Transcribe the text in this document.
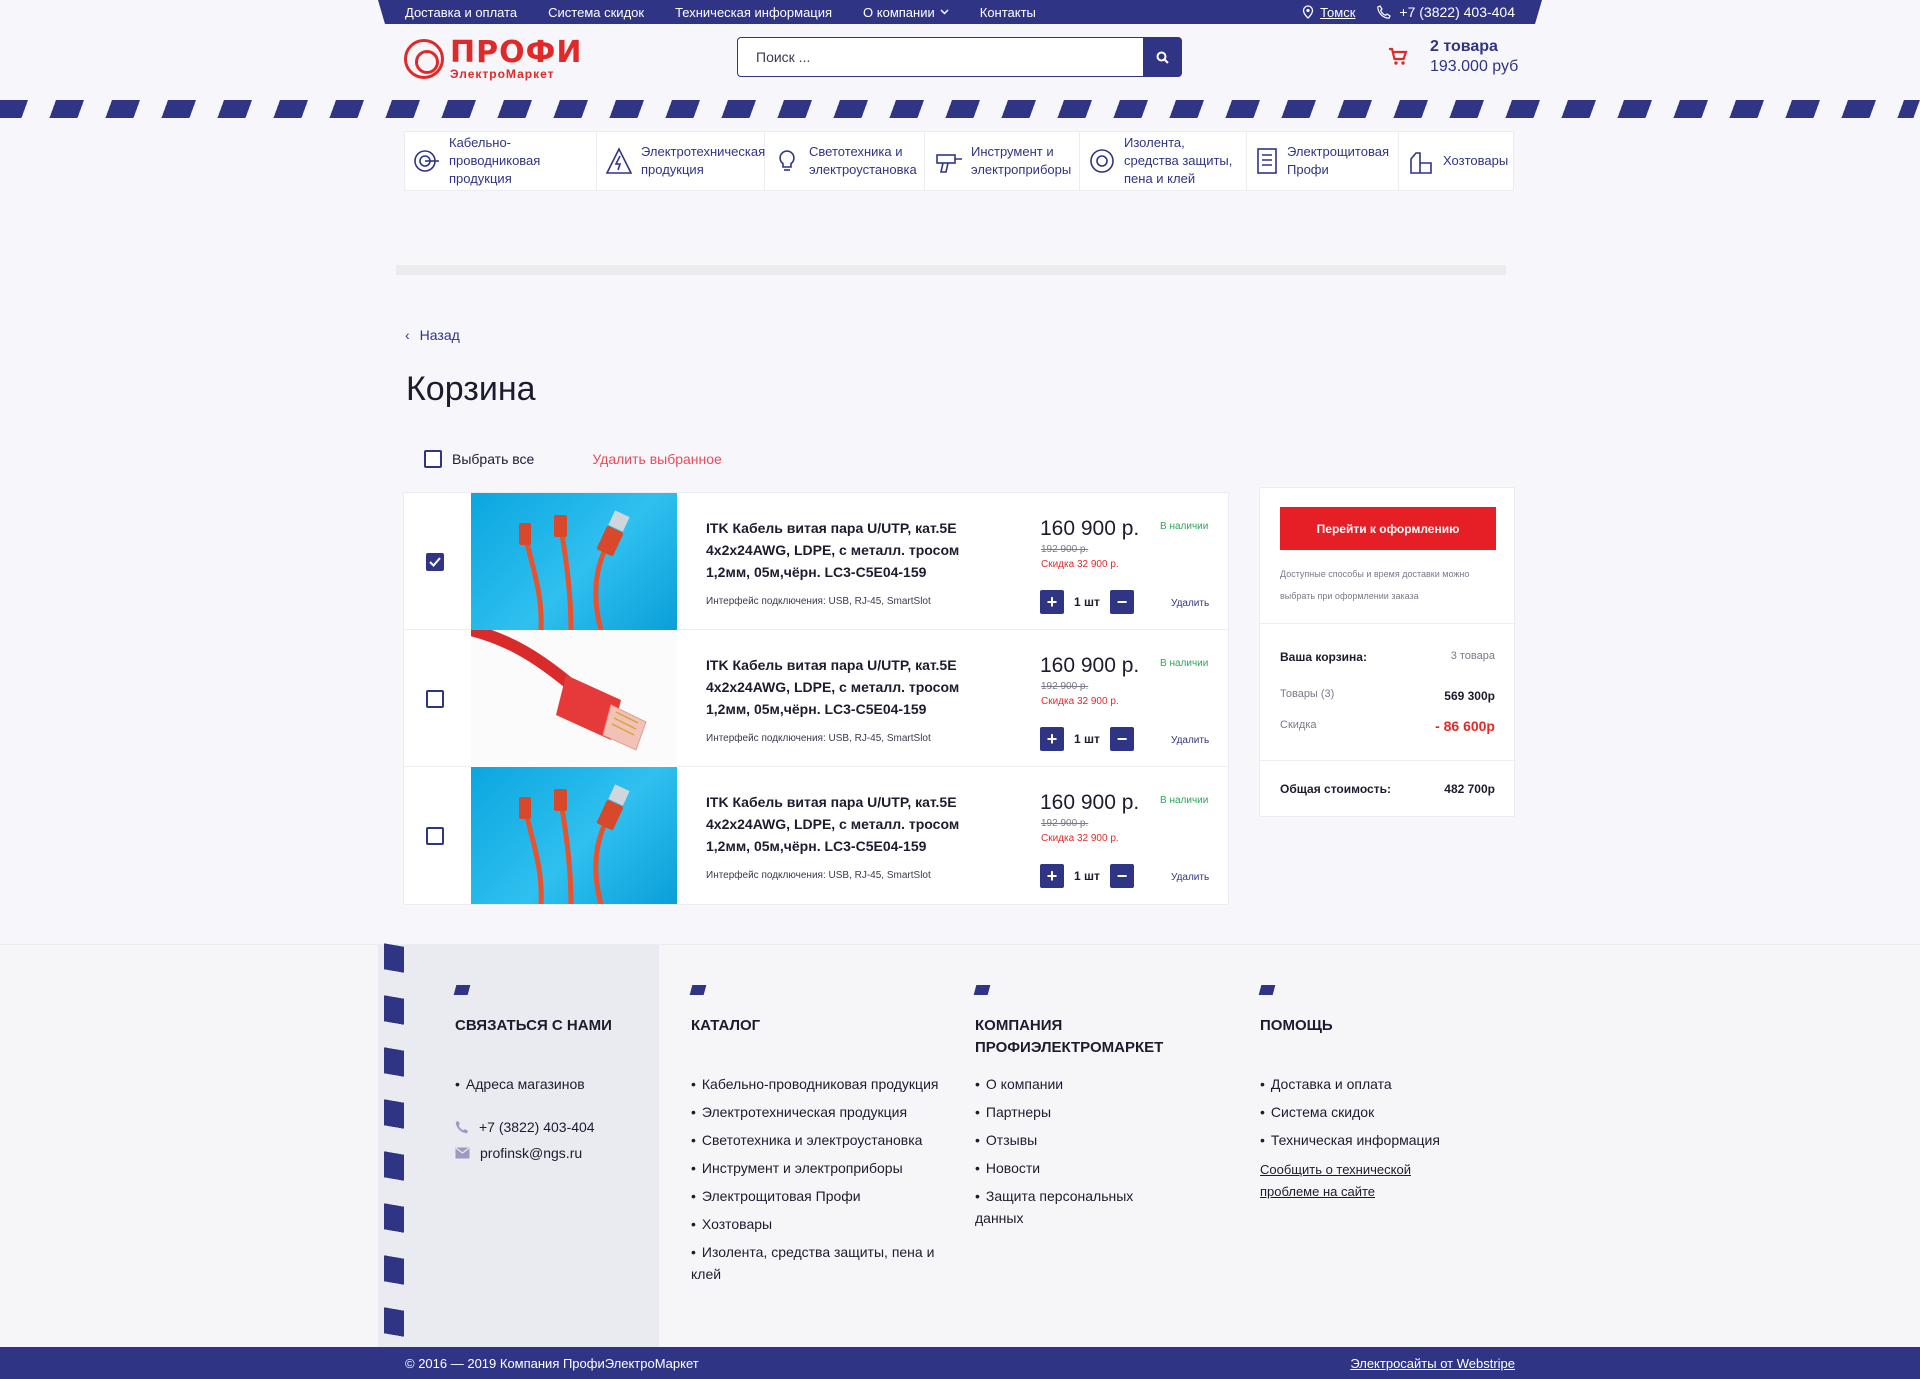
Доставка и оплата Система скидок Техническая информация О компании	Контакты	Томск	+7 (3822) 403-404
ПРОФИ
ЭлектроМаркет
Поиск ...
2 товара
193.000 руб
Кабельно-проводниковая продукция
Электротехническая продукция
Светотехника и электроустановка
Инструмент и электроприборы
Изолента, средства защиты, пена и клей
Электрощитовая Профи
Хозтовары
‹ Назад
Корзина
Выбрать все	Удалить выбранное
ITK Кабель витая пара U/UTP, кат.5E 4х2х24AWG, LDPE, с металл. тросом 1,2мм, 05м,чёрн. LC3-C5E04-159
Интерфейс подключения: USB, RJ-45, SmartSlot
160 900 р.
192 900 р.
Скидка 32 900 р.
В наличии
+	1 шт −	Удалить
ITK Кабель витая пара U/UTP, кат.5E 4х2х24AWG, LDPE, с металл. тросом 1,2мм, 05м,чёрн. LC3-C5E04-159
Интерфейс подключения: USB, RJ-45, SmartSlot
160 900 р.
192 900 р.
Скидка 32 900 р.
В наличии
+	1 шт −	Удалить
ITK Кабель витая пара U/UTP, кат.5E 4х2х24AWG, LDPE, с металл. тросом 1,2мм, 05м,чёрн. LC3-C5E04-159
Интерфейс подключения: USB, RJ-45, SmartSlot
160 900 р.
192 900 р.
Скидка 32 900 р.
В наличии
+	1 шт −	Удалить
Перейти к оформлению
Доступные способы и время доставки можно выбрать при оформлении заказа
Ваша корзина:	3 товара
Товары (3)	569 300р
Скидка	- 86 600р
Общая стоимость:	482 700р
СВЯЗАТЬСЯ С НАМИ
• Адреса магазинов
+7 (3822) 403-404
profinsk@ngs.ru
КАТАЛОГ
• Кабельно-проводниковая продукция
• Электротехническая продукция
• Светотехника и электроустановка
• Инструмент и электроприборы
• Электрощитовая Профи
• Хозтовары
• Изолента, средства защиты, пена и клей
КОМПАНИЯ ПРОФИЭЛЕКТРОМАРКЕТ
• О компании
• Партнеры
• Отзывы
• Новости
• Защита персональных данных
ПОМОЩЬ
• Доставка и оплата
• Система скидок
• Техническая информация
Сообщить о технической проблеме на сайте
© 2016 — 2019 Компания ПрофиЭлектроМаркет	Электросайты от Webstripe
